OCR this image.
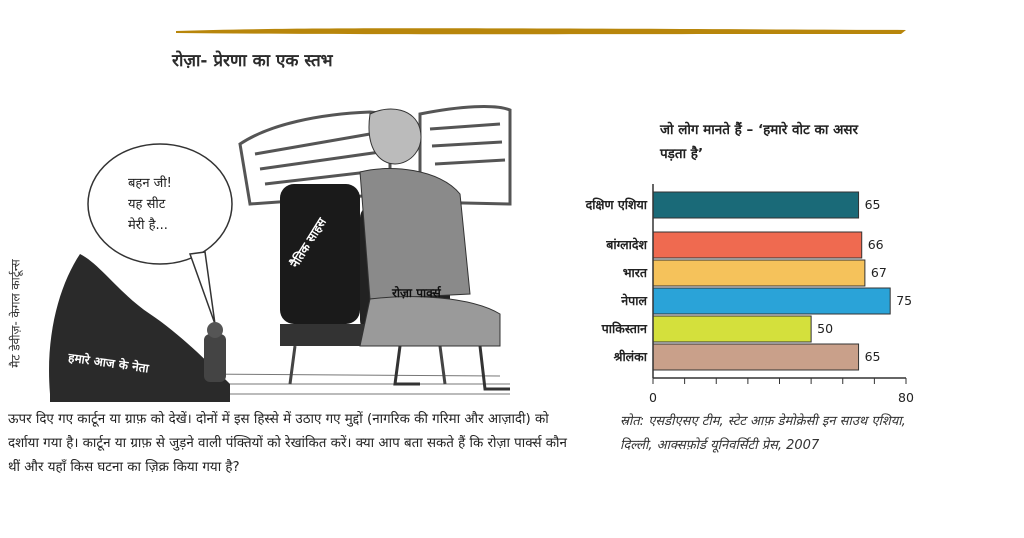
रोज़ा- प्रेरणा का एक स्तभ
बहन जी!
यह सीट
मेरी है...	नैतिक साहस
रोज़ा पार्क्स
हमारे आज के नेता
मैट डेवीज़- केगल कार्टून्स
ऊपर दिए गए कार्टून या ग्राफ़ को देखें। दोनों में इस हिस्से में उठाए गए मुद्दों (नागरिक की गरिमा और आज़ादी) को दर्शाया गया है। कार्टून या ग्राफ़ से जुड़ने वाली पंक्तियों को रेखांकित करें। क्या आप बता सकते हैं कि रोज़ा पार्क्स कौन थीं और यहाँ किस घटना का ज़िक्र किया गया है?
जो लोग मानते हैं – ‘हमारे वोट का असर पड़ता है’
दक्षिण एशिया	65
बांग्लादेश	66
भारत	67
नेपाल	75
पाकिस्तान	50
श्रीलंका	65
0	80
स्रोत: एसडीएसए टीम, स्टेट आफ़ डेमोक्रेसी इन साउथ एशिया, दिल्ली, आक्सफ़ोर्ड यूनिवर्सिटी प्रेस, 2007
